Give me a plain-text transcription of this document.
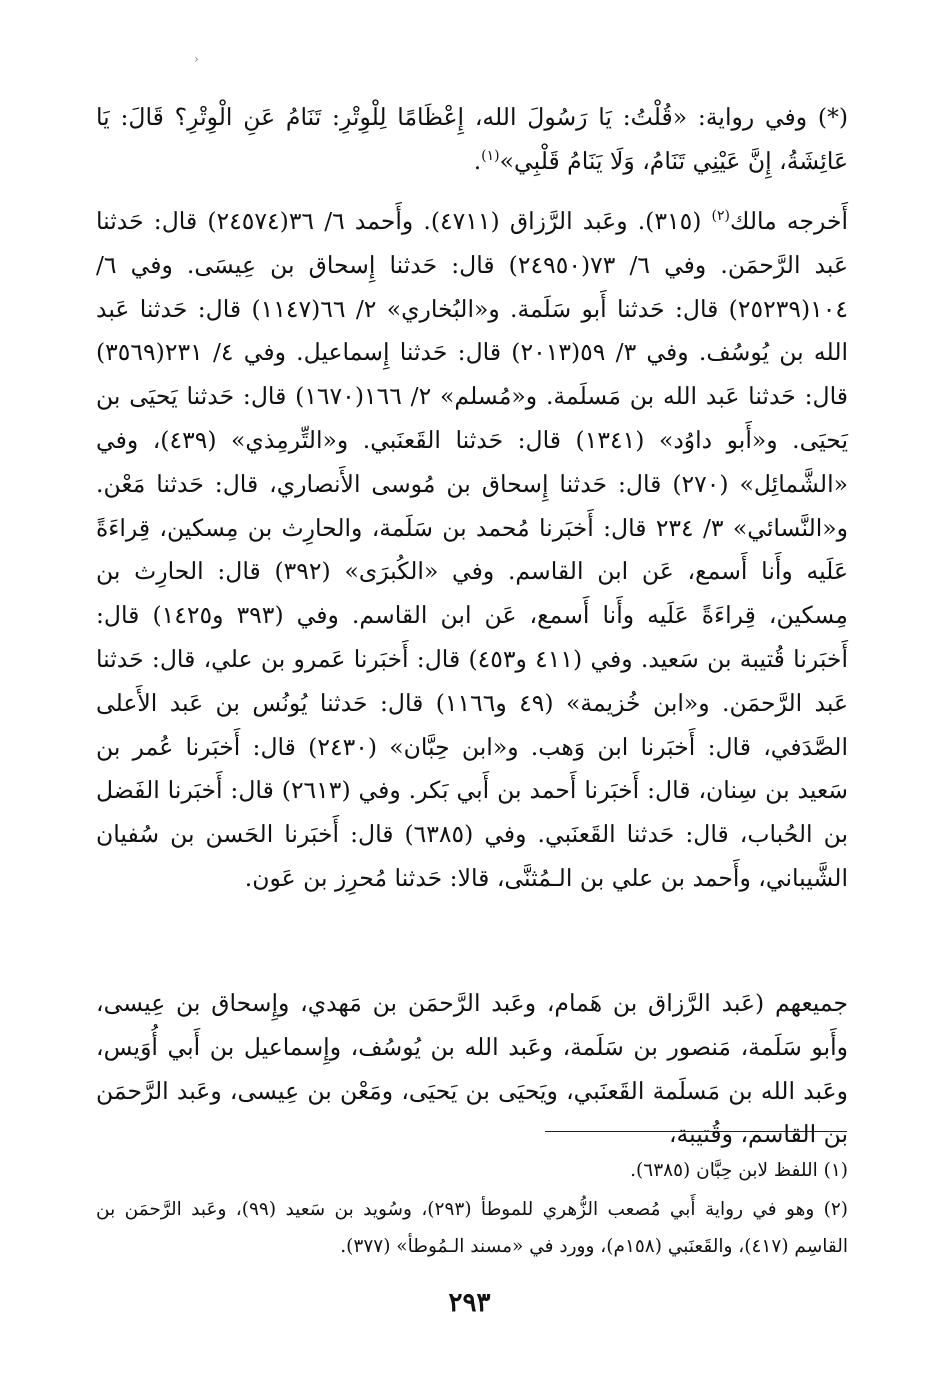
‹

(*) وفي رواية: «قُلْتُ: يَا رَسُولَ الله، إِعْظَامًا لِلْوِتْرِ: تَنَامُ عَنِ الْوِتْرِ؟ قَالَ: يَا عَائِشَةُ، إِنَّ عَيْنِي تَنَامُ، وَلَا يَنَامُ قَلْبِي»$^{(١)}$.

أَخرجه مالك$^{(٢)}$ (٣١٥). وعَبد الرَّزاق (٤٧١١). وأَحمد ٦/ ٣٦(٢٤٥٧٤) قال: حَدثنا عَبد الرَّحمَن. وفي ٦/ ٧٣(٢٤٩٥٠) قال: حَدثنا إِسحاق بن عِيسَى. وفي ٦/ ١٠٤(٢٥٢٣٩) قال: حَدثنا أَبو سَلَمة. و«البُخاري» ٢/ ٦٦(١١٤٧) قال: حَدثنا عَبد الله بن يُوسُف. وفي ٣/ ٥٩(٢٠١٣) قال: حَدثنا إِسماعيل. وفي ٤/ ٢٣١(٣٥٦٩) قال: حَدثنا عَبد الله بن مَسلَمة. و«مُسلم» ٢/ ١٦٦(١٦٧٠) قال: حَدثنا يَحيَى بن يَحيَى. و«أَبو داوُد» (١٣٤١) قال: حَدثنا القَعنَبي. و«التِّرمِذي» (٤٣٩)، وفي «الشَّمائِل» (٢٧٠) قال: حَدثنا إِسحاق بن مُوسى الأَنصاري، قال: حَدثنا مَعْن. و«النَّسائي» ٣/ ٢٣٤ قال: أَخبَرنا مُحمد بن سَلَمة، والحارِث بن مِسكين، قِراءَةً عَلَيه وأَنا أَسمع، عَن ابن القاسم. وفي «الكُبرَى» (٣٩٢) قال: الحارِث بن مِسكين، قِراءَةً عَلَيه وأَنا أَسمع، عَن ابن القاسم. وفي (٣٩٣ و١٤٢٥) قال: أَخبَرنا قُتيبة بن سَعيد. وفي (٤١١ و٤٥٣) قال: أَخبَرنا عَمرو بن علي، قال: حَدثنا عَبد الرَّحمَن. و«ابن خُزيمة» (٤٩ و١١٦٦) قال: حَدثنا يُونُس بن عَبد الأَعلى الصَّدَفي، قال: أَخبَرنا ابن وَهب. و«ابن حِبَّان» (٢٤٣٠) قال: أَخبَرنا عُمر بن سَعيد بن سِنان، قال: أَخبَرنا أَحمد بن أَبي بَكر. وفي (٢٦١٣) قال: أَخبَرنا الفَضل بن الحُباب، قال: حَدثنا القَعنَبي. وفي (٦٣٨٥) قال: أَخبَرنا الحَسن بن سُفيان الشَّيباني، وأَحمد بن علي بن الـمُثنَّى، قالا: حَدثنا مُحرِز بن عَون.

جميعهم (عَبد الرَّزاق بن هَمام، وعَبد الرَّحمَن بن مَهدي، وإِسحاق بن عِيسى، وأَبو سَلَمة، مَنصور بن سَلَمة، وعَبد الله بن يُوسُف، وإِسماعيل بن أَبي أُوَيس، وعَبد الله بن مَسلَمة القَعنَبي، ويَحيَى بن يَحيَى، ومَعْن بن عِيسى، وعَبد الرَّحمَن بن القاسم، وقُتيبة،

(١) اللفظ لابن حِبَّان (٦٣٨٥).

(٢) وهو في رواية أَبي مُصعب الزُّهري للموطأ (٢٩٣)، وسُويد بن سَعيد (٩٩)، وعَبد الرَّحمَن بن القاسِم (٤١٧)، والقَعنَبي (١٥٨م)، وورد في «مسند الـمُوطأ» (٣٧٧).

٢٩٣
